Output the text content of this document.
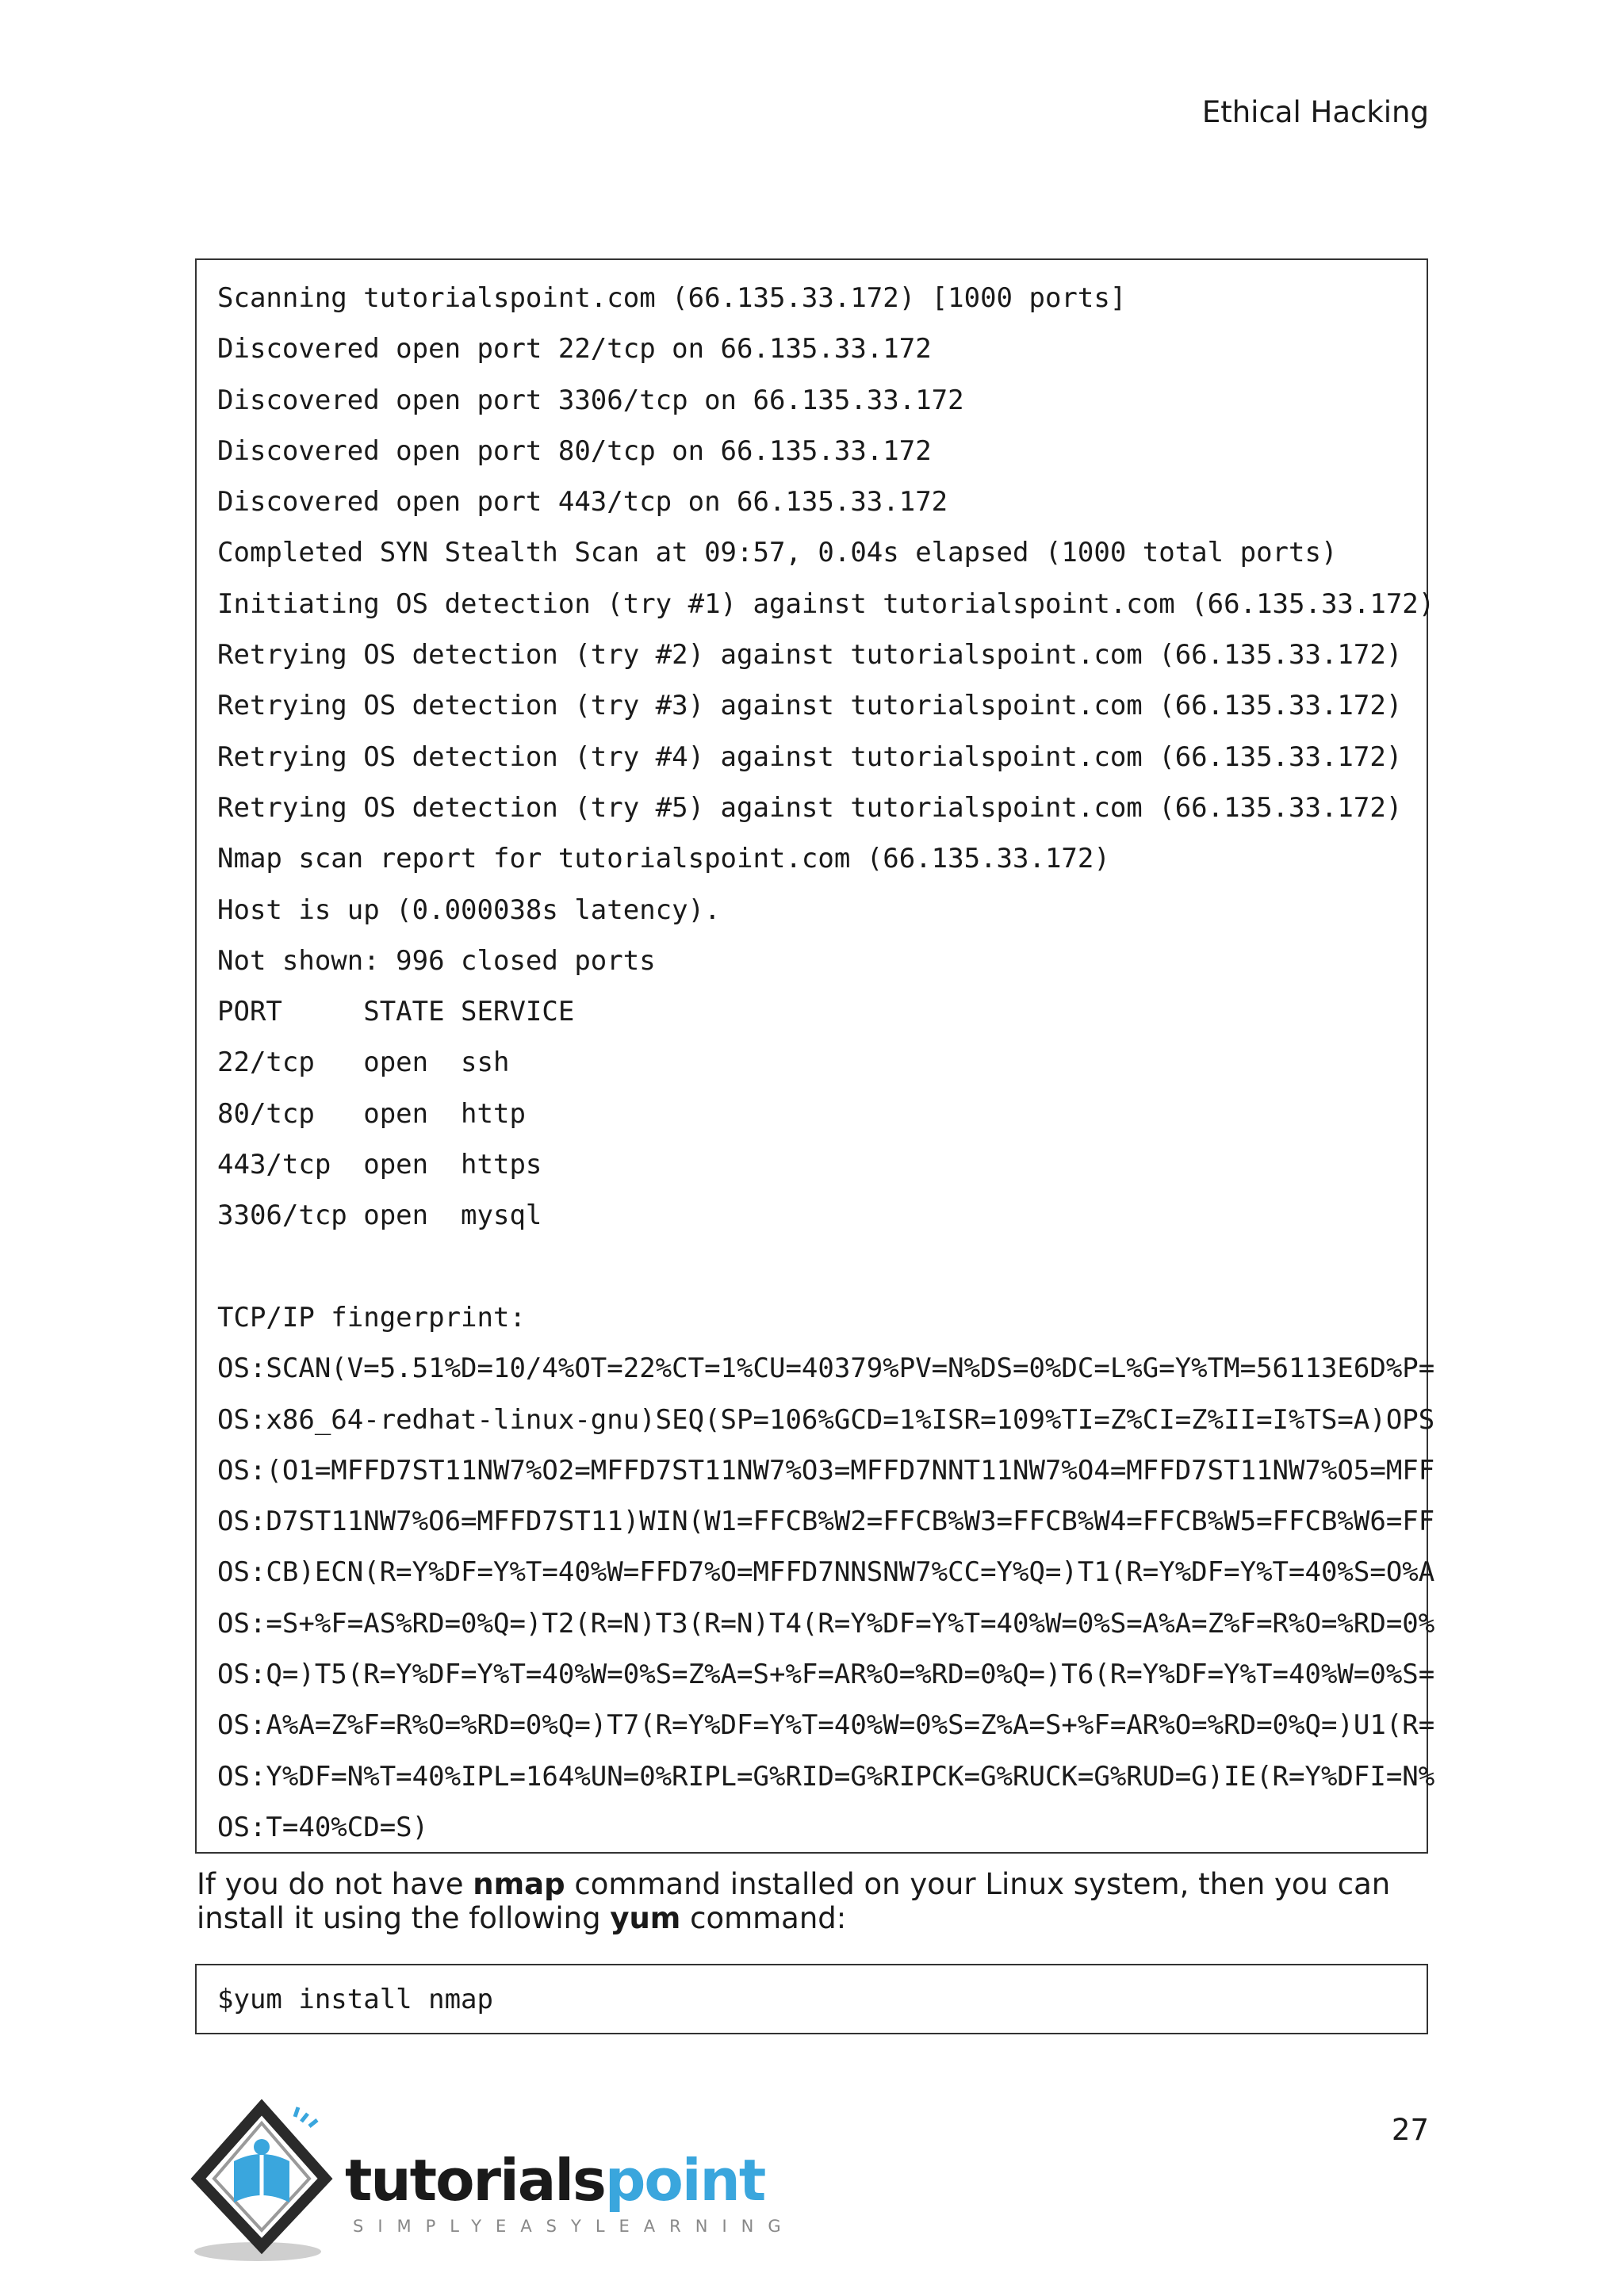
Ethical Hacking
Scanning tutorialspoint.com (66.135.33.172) [1000 ports]
Discovered open port 22/tcp on 66.135.33.172
Discovered open port 3306/tcp on 66.135.33.172
Discovered open port 80/tcp on 66.135.33.172
Discovered open port 443/tcp on 66.135.33.172
Completed SYN Stealth Scan at 09:57, 0.04s elapsed (1000 total ports)
Initiating OS detection (try #1) against tutorialspoint.com (66.135.33.172)
Retrying OS detection (try #2) against tutorialspoint.com (66.135.33.172)
Retrying OS detection (try #3) against tutorialspoint.com (66.135.33.172)
Retrying OS detection (try #4) against tutorialspoint.com (66.135.33.172)
Retrying OS detection (try #5) against tutorialspoint.com (66.135.33.172)
Nmap scan report for tutorialspoint.com (66.135.33.172)
Host is up (0.000038s latency).
Not shown: 996 closed ports
PORT     STATE SERVICE
22/tcp   open  ssh
80/tcp   open  http
443/tcp  open  https
3306/tcp open  mysql
TCP/IP fingerprint:
OS:SCAN(V=5.51%D=10/4%OT=22%CT=1%CU=40379%PV=N%DS=0%DC=L%G=Y%TM=56113E6D%P=
OS:x86_64-redhat-linux-gnu)SEQ(SP=106%GCD=1%ISR=109%TI=Z%CI=Z%II=I%TS=A)OPS
OS:(O1=MFFD7ST11NW7%O2=MFFD7ST11NW7%O3=MFFD7NNT11NW7%O4=MFFD7ST11NW7%O5=MFF
OS:D7ST11NW7%O6=MFFD7ST11)WIN(W1=FFCB%W2=FFCB%W3=FFCB%W4=FFCB%W5=FFCB%W6=FF
OS:CB)ECN(R=Y%DF=Y%T=40%W=FFD7%O=MFFD7NNSNW7%CC=Y%Q=)T1(R=Y%DF=Y%T=40%S=O%A
OS:=S+%F=AS%RD=0%Q=)T2(R=N)T3(R=N)T4(R=Y%DF=Y%T=40%W=0%S=A%A=Z%F=R%O=%RD=0%
OS:Q=)T5(R=Y%DF=Y%T=40%W=0%S=Z%A=S+%F=AR%O=%RD=0%Q=)T6(R=Y%DF=Y%T=40%W=0%S=
OS:A%A=Z%F=R%O=%RD=0%Q=)T7(R=Y%DF=Y%T=40%W=0%S=Z%A=S+%F=AR%O=%RD=0%Q=)U1(R=
OS:Y%DF=N%T=40%IPL=164%UN=0%RIPL=G%RID=G%RIPCK=G%RUCK=G%RUD=G)IE(R=Y%DFI=N%
OS:T=40%CD=S)
If you do not have nmap command installed on your Linux system, then you can install it using the following yum command:
$yum install nmap
27
tutorialspoint
SIMPLYEASYLEARNING
